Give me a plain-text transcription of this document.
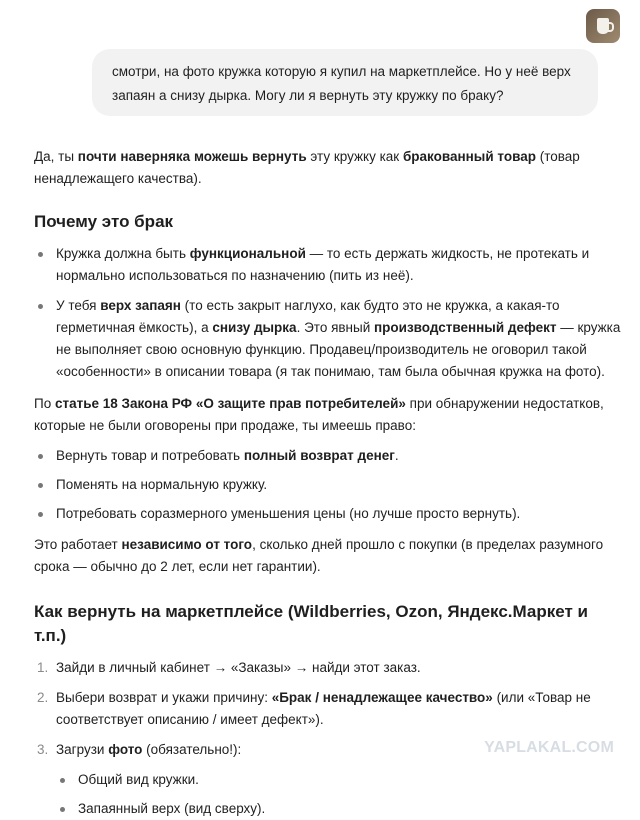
смотри, на фото кружка которую я купил на маркетплейсе. Но у неё верх запаян а снизу дырка. Могу ли я вернуть эту кружку по браку?

Да, ты почти наверняка можешь вернуть эту кружку как бракованный товар (товар ненадлежащего качества).

Почему это брак
Кружка должна быть функциональной — то есть держать жидкость, не протекать и нормально использоваться по назначению (пить из неё).
У тебя верх запаян (то есть закрыт наглухо, как будто это не кружка, а какая-то герметичная ёмкость), а снизу дырка. Это явный производственный дефект — кружка не выполняет свою основную функцию. Продавец/производитель не оговорил такой «особенности» в описании товара (я так понимаю, там была обычная кружка на фото).

По статье 18 Закона РФ «О защите прав потребителей» при обнаружении недостатков, которые не были оговорены при продаже, ты имеешь право:

Вернуть товар и потребовать полный возврат денег.
Поменять на нормальную кружку.
Потребовать соразмерного уменьшения цены (но лучше просто вернуть).

Это работает независимо от того, сколько дней прошло с покупки (в пределах разумного срока — обычно до 2 лет, если нет гарантии).

Как вернуть на маркетплейсе (Wildberries, Ozon, Яндекс.Маркет и т.п.)
1. Зайди в личный кабинет → «Заказы» → найди этот заказ.
2. Выбери возврат и укажи причину: «Брак / ненадлежащее качество» (или «Товар не соответствует описанию / имеет дефект»).
3. Загрузи фото (обязательно!):
Общий вид кружки.
Запаянный верх (вид сверху).
YAPLAKAL.COM
